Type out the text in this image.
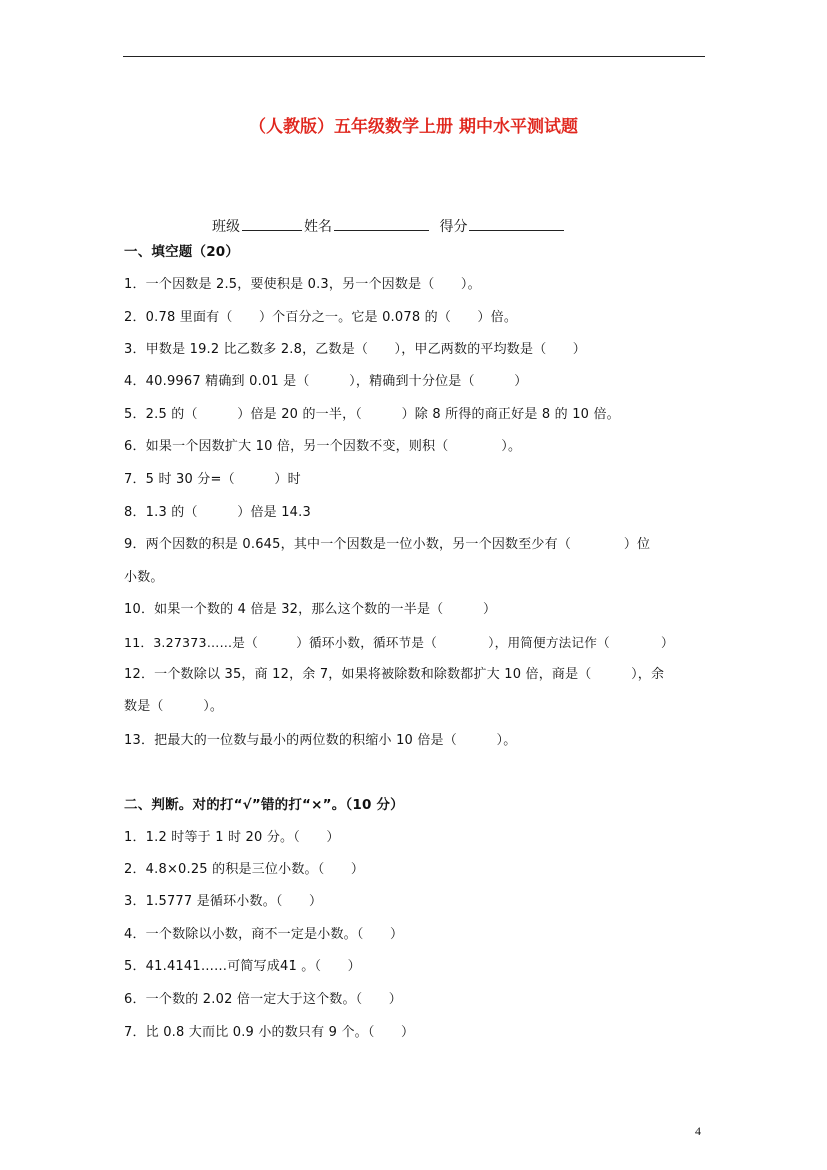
（人教版）五年级数学上册 期中水平测试题
班级	姓名	得分
一、填空题（20）
1．一个因数是 2.5，要使积是 0.3，另一个因数是（　　）。
2．0.78 里面有（　　）个百分之一。它是 0.078 的（　　）倍。
3．甲数是 19.2 比乙数多 2.8，乙数是（　　），甲乙两数的平均数是（　　）
4．40.9967 精确到 0.01 是（　　　），精确到十分位是（　　　）
5．2.5 的（　　　）倍是 20 的一半，（　　　）除 8 所得的商正好是 8 的 10 倍。
6．如果一个因数扩大 10 倍，另一个因数不变，则积（　　　　）。
7．5 时 30 分=（　　　）时
8．1.3 的（　　　）倍是 14.3
9．两个因数的积是 0.645，其中一个因数是一位小数，另一个因数至少有（　　　　）位
小数。
10．如果一个数的 4 倍是 32，那么这个数的一半是（　　　）
11．3.27373……是（　　　）循环小数，循环节是（　　　　），用简便方法记作（　　　　）
12．一个数除以 35，商 12，余 7，如果将被除数和除数都扩大 10 倍，商是（　　　），余
数是（　　　）。
13．把最大的一位数与最小的两位数的积缩小 10 倍是（　　　）。
二、判断。对的打“√”错的打“×”。（10 分）
1．1.2 时等于 1 时 20 分。（　　）
2．4.8×0.25 的积是三位小数。（　　）
3．1.5777 是循环小数。（　　）
4．一个数除以小数，商不一定是小数。（　　）
5．41.4141……可简写成4̇1̇ 。（　　）
6．一个数的 2.02 倍一定大于这个数。（　　）
7．比 0.8 大而比 0.9 小的数只有 9 个。（　　）
4
